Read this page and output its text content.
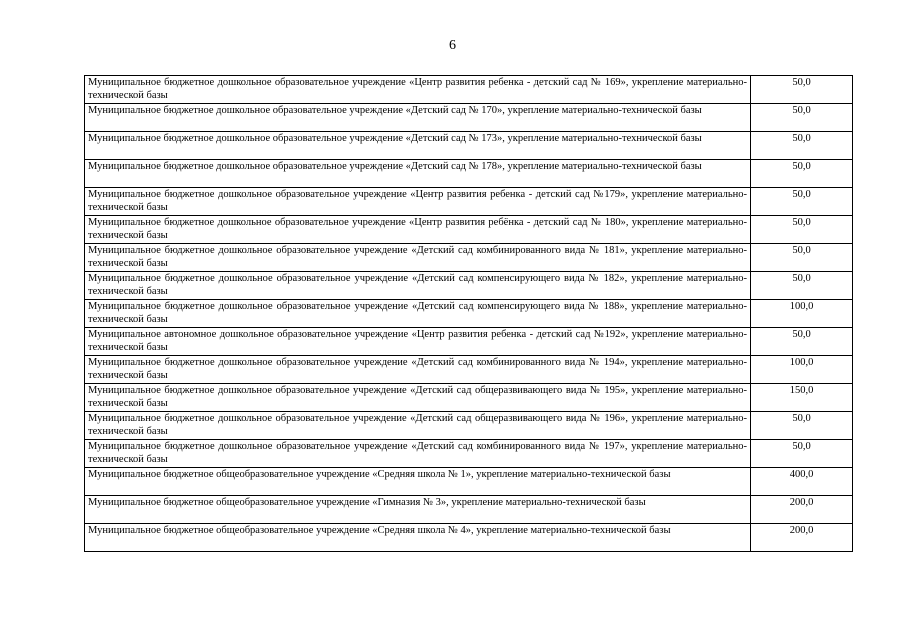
6
Муниципальное бюджетное дошкольное образовательное учреждение «Центр развития ребенка - детский сад № 169», укрепление материально-технической базы	50,0
Муниципальное бюджетное дошкольное образовательное учреждение «Детский сад № 170», укрепление материально-технической базы	50,0
Муниципальное бюджетное дошкольное образовательное учреждение «Детский сад № 173», укрепление материально-технической базы	50,0
Муниципальное бюджетное дошкольное образовательное учреждение «Детский сад № 178», укрепление материально-технической базы	50,0
Муниципальное бюджетное дошкольное образовательное учреждение «Центр развития ребенка - детский сад №179», укрепление материально-технической базы	50,0
Муниципальное бюджетное дошкольное образовательное учреждение «Центр развития ребёнка - детский сад № 180», укрепление материально-технической базы	50,0
Муниципальное бюджетное дошкольное образовательное учреждение «Детский сад комбинированного вида № 181», укрепление материально-технической базы	50,0
Муниципальное бюджетное дошкольное образовательное учреждение «Детский сад компенсирующего вида № 182», укрепление материально-технической базы	50,0
Муниципальное бюджетное дошкольное образовательное учреждение «Детский сад компенсирующего вида № 188», укрепление материально-технической базы	100,0
Муниципальное автономное дошкольное образовательное учреждение «Центр развития ребенка - детский сад №192», укрепление материально-технической базы	50,0
Муниципальное бюджетное дошкольное образовательное учреждение «Детский сад комбинированного вида № 194», укрепление материально-технической базы	100,0
Муниципальное бюджетное дошкольное образовательное учреждение «Детский сад общеразвивающего вида № 195», укрепление материально-технической базы	150,0
Муниципальное бюджетное дошкольное образовательное учреждение «Детский сад общеразвивающего вида № 196», укрепление материально-технической базы	50,0
Муниципальное бюджетное дошкольное образовательное учреждение «Детский сад комбинированного вида № 197», укрепление материально-технической базы	50,0
Муниципальное бюджетное общеобразовательное учреждение «Средняя школа № 1», укрепление материально-технической базы	400,0
Муниципальное бюджетное общеобразовательное учреждение «Гимназия № 3», укрепление материально-технической базы	200,0
Муниципальное бюджетное общеобразовательное учреждение «Средняя школа № 4», укрепление материально-технической базы	200,0
